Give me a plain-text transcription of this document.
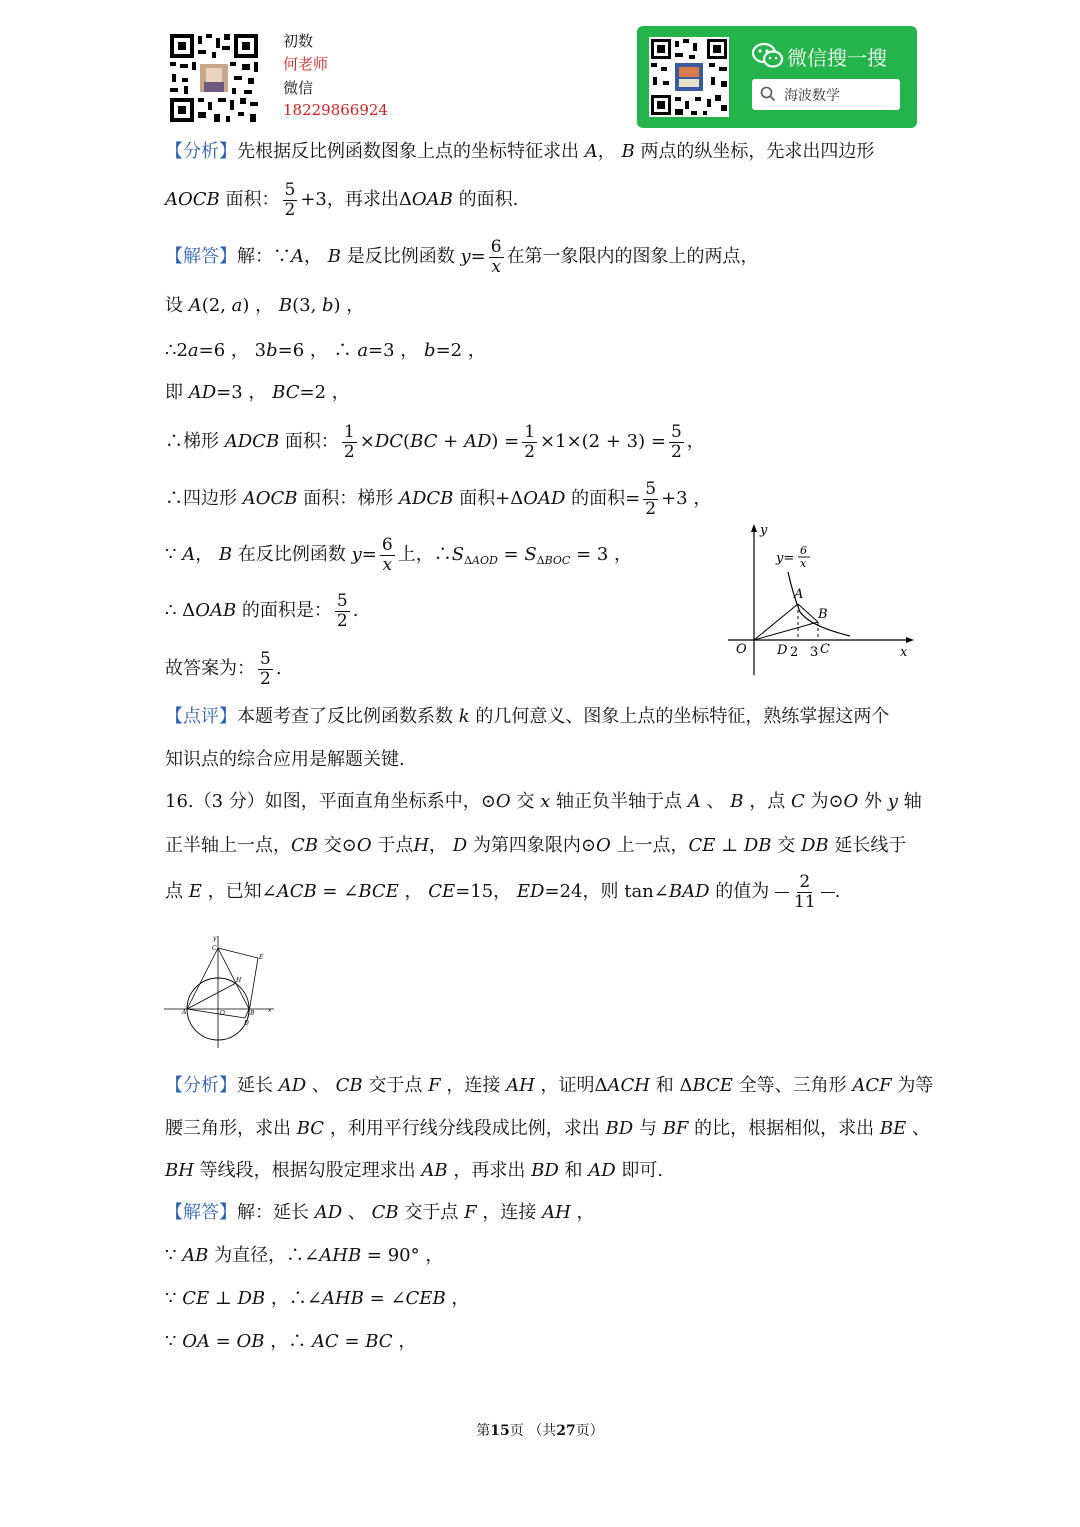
初数
何老师
微信
18229866924
微信搜一搜
海波数学
【分析】先根据反比例函数图象上点的坐标特征求出 A， B 两点的纵坐标，先求出四边形
AOCB 面积： $\frac{5}{2} +3$，再求出ΔOAB 的面积.
【解答】解：∵A， B 是反比例函数 $y= \frac{6}{x}$ 在第一象限内的图象上的两点，
设 A(2, a) ， B(3, b) ，
∴2a=6 ， 3b=6 ， ∴ a=3 ， b=2 ，
即 AD=3 ， BC=2 ，
∴梯形 ADCB 面积： $\frac{1}{2} \times DC(BC + AD) = \frac{1}{2} \times 1\times(2 + 3) = \frac{5}{2}$ ，
∴四边形 AOCB 面积：梯形 ADCB 面积+ΔOAD 的面积= $\frac{5}{2} +3$ ，
∵ A， B 在反比例函数 $y= \frac{6}{x}$ 上，$\therefore S_{\Delta AOD} = S_{\Delta BOC} = 3$ ，
∴ ΔOAB 的面积是： $\frac{5}{2}$ .
故答案为： $\frac{5}{2}$ .
y
y=
6
x
A
B
O D 2 3 C	x
【点评】本题考查了反比例函数系数 k 的几何意义、图象上点的坐标特征，熟练掌握这两个
知识点的综合应用是解题关键.
16.（3 分）如图，平面直角坐标系中，⊙O 交 x 轴正负半轴于点 A 、 B ，点 C 为⊙O 外 y 轴
正半轴上一点，CB 交⊙O 于点H， D 为第四象限内⊙O 上一点，CE ⊥ DB 交 DB 延长线于
点 E ，已知∠ACB = ∠BCE ， CE=15， ED=24，则 tan∠BAD 的值为 $\frac{2}{11}$ .
y
C
E
H
A	O	B
D
x
【分析】延长 AD 、 CB 交于点 F ，连接 AH ，证明ΔACH 和 ΔBCE 全等、三角形 ACF 为等
腰三角形，求出 BC ，利用平行线分线段成比例，求出 BD 与 BF 的比，根据相似，求出 BE 、
BH 等线段，根据勾股定理求出 AB ，再求出 BD 和 AD 即可.
【解答】解：延长 AD 、 CB 交于点 F ，连接 AH ，
∵ AB 为直径，∴∠AHB = 90° ，
∵ CE ⊥ DB ，∴∠AHB = ∠CEB ，
∵ OA = OB ，∴ AC = BC ，
第15页 （共27页）
